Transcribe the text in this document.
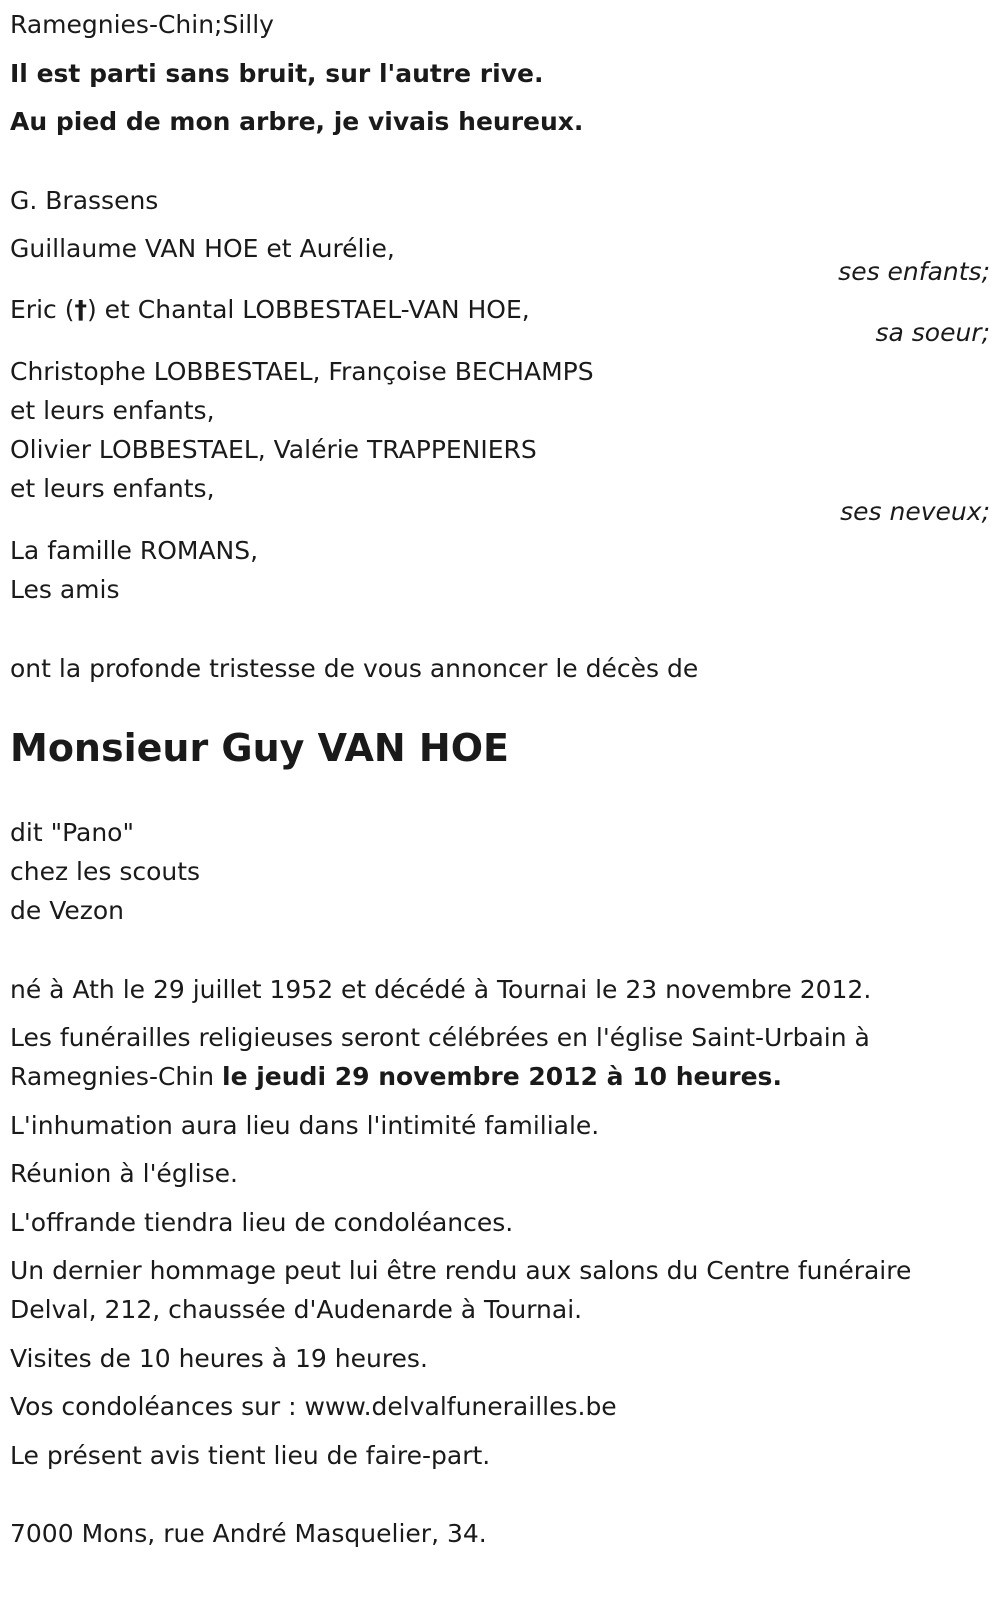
Ramegnies-Chin;Silly
Il est parti sans bruit, sur l'autre rive.
Au pied de mon arbre, je vivais heureux.
G. Brassens
Guillaume VAN HOE et Aurélie,
ses enfants;
Eric (†) et Chantal LOBBESTAEL-VAN HOE,
sa soeur;
Christophe LOBBESTAEL, Françoise BECHAMPS
et leurs enfants,
Olivier LOBBESTAEL, Valérie TRAPPENIERS
et leurs enfants,
ses neveux;
La famille ROMANS,
Les amis
ont la profonde tristesse de vous annoncer le décès de
Monsieur Guy VAN HOE
dit "Pano"
chez les scouts
de Vezon
né à Ath le 29 juillet 1952 et décédé à Tournai le 23 novembre 2012.
Les funérailles religieuses seront célébrées en l'église Saint-Urbain à
Ramegnies-Chin le jeudi 29 novembre 2012 à 10 heures.
L'inhumation aura lieu dans l'intimité familiale.
Réunion à l'église.
L'offrande tiendra lieu de condoléances.
Un dernier hommage peut lui être rendu aux salons du Centre funéraire
Delval, 212, chaussée d'Audenarde à Tournai.
Visites de 10 heures à 19 heures.
Vos condoléances sur : www.delvalfunerailles.be
Le présent avis tient lieu de faire-part.
7000 Mons, rue André Masquelier, 34.
